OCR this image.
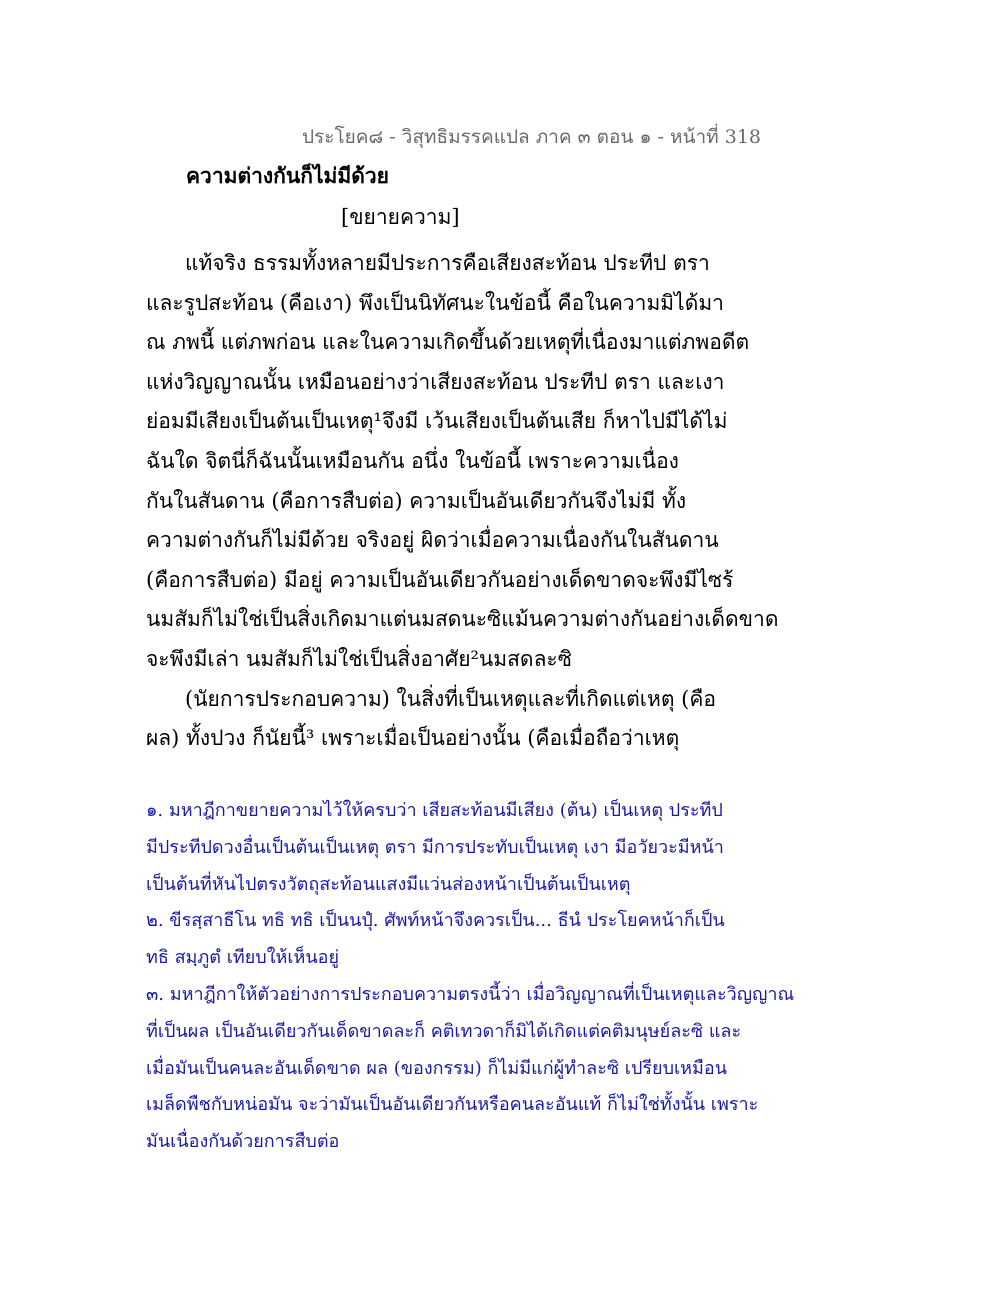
ประโยค๘ - วิสุทธิมรรคแปล ภาค ๓ ตอน ๑ - หน้าที่ 318
ความต่างกันก็ไม่มีด้วย
[ขยายความ]
แท้จริง ธรรมทั้งหลายมีประการคือเสียงสะท้อน ประทีป ตรา
และรูปสะท้อน (คือเงา) พึงเป็นนิทัศนะในข้อนี้ คือในความมิได้มา
ณ ภพนี้ แต่ภพก่อน และในความเกิดขึ้นด้วยเหตุที่เนื่องมาแต่ภพอดีต
แห่งวิญญาณนั้น เหมือนอย่างว่าเสียงสะท้อน ประทีป ตรา และเงา
ย่อมมีเสียงเป็นต้นเป็นเหตุ¹จึงมี เว้นเสียงเป็นต้นเสีย ก็หาไปมีได้ไม่
ฉันใด จิตนี่ก็ฉันนั้นเหมือนกัน อนึ่ง ในข้อนี้ เพราะความเนื่อง
กันในสันดาน (คือการสืบต่อ) ความเป็นอันเดียวกันจึงไม่มี ทั้ง
ความต่างกันก็ไม่มีด้วย จริงอยู่ ผิดว่าเมื่อความเนื่องกันในสันดาน
(คือการสืบต่อ) มีอยู่ ความเป็นอันเดียวกันอย่างเด็ดขาดจะพึงมีไซร้
นมสัมก็ไม่ใช่เป็นสิ่งเกิดมาแต่นมสดนะซิแม้นความต่างกันอย่างเด็ดขาด
จะพึงมีเล่า นมสัมก็ไม่ใช่เป็นสิ่งอาศัย²นมสดละซิ
(นัยการประกอบความ) ในสิ่งที่เป็นเหตุและที่เกิดแต่เหตุ (คือ
ผล) ทั้งปวง ก็นัยนี้³ เพราะเมื่อเป็นอย่างนั้น (คือเมื่อถือว่าเหตุ
๑. มหาฎีกาขยายความไว้ให้ครบว่า เสียสะท้อนมีเสียง (ต้น) เป็นเหตุ ประทีป
มีประทีปดวงอื่นเป็นต้นเป็นเหตุ ตรา มีการประทับเป็นเหตุ เงา มีอวัยวะมีหน้า
เป็นต้นที่หันไปตรงวัตถุสะท้อนแสงมีแว่นส่องหน้าเป็นต้นเป็นเหตุ
๒. ขีรสฺสาธีโน ทธิ ทธิ เป็นนปุํ. ศัพท์หน้าจึงควรเป็น... ธีนํ ประโยคหน้าก็เป็น
ทธิ สมฺภูตํ เทียบให้เห็นอยู่
๓. มหาฎีกาให้ตัวอย่างการประกอบความตรงนี้ว่า เมื่อวิญญาณที่เป็นเหตุและวิญญาณ
ที่เป็นผล เป็นอันเดียวกันเด็ดขาดละก็ คติเทวดาก็มิได้เกิดแต่คติมนุษย์ละซิ และ
เมื่อมันเป็นคนละอันเด็ดขาด ผล (ของกรรม) ก็ไม่มีแก่ผู้ทำละซิ เปรียบเหมือน
เมล็ดพืชกับหน่อมัน จะว่ามันเป็นอันเดียวกันหรือคนละอันแท้ ก็ไม่ใช่ทั้งนั้น เพราะ
มันเนื่องกันด้วยการสืบต่อ
